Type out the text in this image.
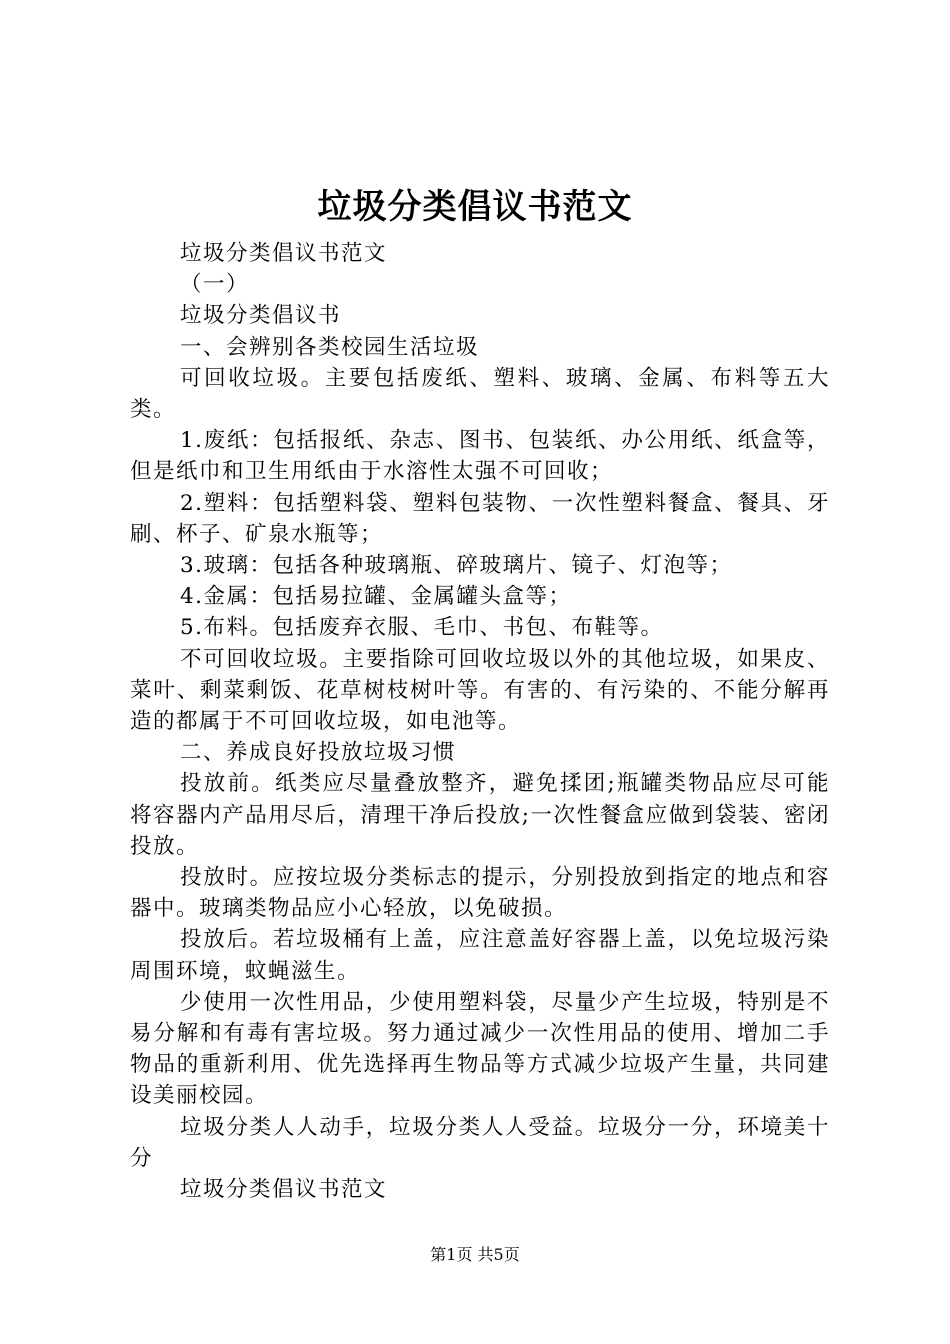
垃圾分类倡议书范文

垃圾分类倡议书范文

（一）

垃圾分类倡议书

一、会辨别各类校园生活垃圾

可回收垃圾。主要包括废纸、塑料、玻璃、金属、布料等五大类。

1.废纸：包括报纸、杂志、图书、包装纸、办公用纸、纸盒等，但是纸巾和卫生用纸由于水溶性太强不可回收；

2.塑料：包括塑料袋、塑料包装物、一次性塑料餐盒、餐具、牙刷、杯子、矿泉水瓶等；

3.玻璃：包括各种玻璃瓶、碎玻璃片、镜子、灯泡等；

4.金属：包括易拉罐、金属罐头盒等；

5.布料。包括废弃衣服、毛巾、书包、布鞋等。

不可回收垃圾。主要指除可回收垃圾以外的其他垃圾，如果皮、菜叶、剩菜剩饭、花草树枝树叶等。有害的、有污染的、不能分解再造的都属于不可回收垃圾，如电池等。

二、养成良好投放垃圾习惯

投放前。纸类应尽量叠放整齐，避免揉团;瓶罐类物品应尽可能将容器内产品用尽后，清理干净后投放;一次性餐盒应做到袋装、密闭投放。

投放时。应按垃圾分类标志的提示，分别投放到指定的地点和容器中。玻璃类物品应小心轻放，以免破损。

投放后。若垃圾桶有上盖，应注意盖好容器上盖，以免垃圾污染周围环境，蚊蝇滋生。

少使用一次性用品，少使用塑料袋，尽量少产生垃圾，特别是不易分解和有毒有害垃圾。努力通过减少一次性用品的使用、增加二手物品的重新利用、优先选择再生物品等方式减少垃圾产生量，共同建设美丽校园。

垃圾分类人人动手，垃圾分类人人受益。垃圾分一分，环境美十分

垃圾分类倡议书范文

第1页 共5页
